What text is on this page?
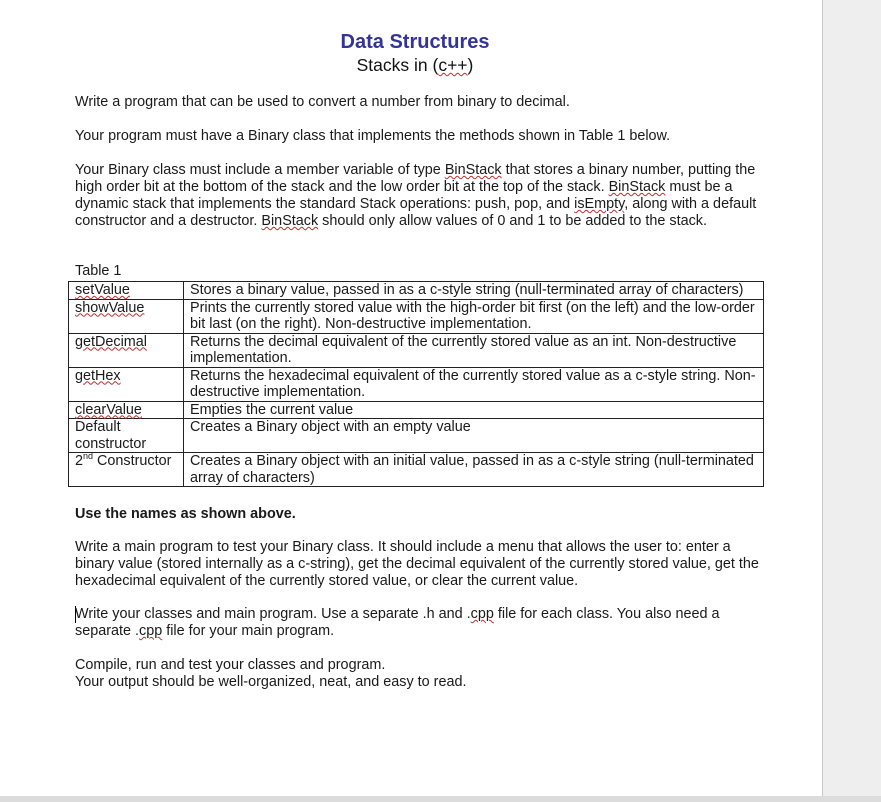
Data Structures
Stacks in (c++)

Write a program that can be used to convert a number from binary to decimal.

Your program must have a Binary class that implements the methods shown in Table 1 below.

Your Binary class must include a member variable of type BinStack that stores a binary number, putting the high order bit at the bottom of the stack and the low order bit at the top of the stack. BinStack must be a dynamic stack that implements the standard Stack operations: push, pop, and isEmpty, along with a default constructor and a destructor. BinStack should only allow values of 0 and 1 to be added to the stack.

Table 1
setValue	Stores a binary value, passed in as a c-style string (null-terminated array of characters)
showValue	Prints the currently stored value with the high-order bit first (on the left) and the low-order bit last (on the right). Non-destructive implementation.
getDecimal	Returns the decimal equivalent of the currently stored value as an int. Non-destructive implementation.
getHex	Returns the hexadecimal equivalent of the currently stored value as a c-style string. Non-destructive implementation.
clearValue	Empties the current value
Default constructor	Creates a Binary object with an empty value
2nd Constructor	Creates a Binary object with an initial value, passed in as a c-style string (null-terminated array of characters)

Use the names as shown above.

Write a main program to test your Binary class. It should include a menu that allows the user to: enter a binary value (stored internally as a c-string), get the decimal equivalent of the currently stored value, get the hexadecimal equivalent of the currently stored value, or clear the current value.

Write your classes and main program. Use a separate .h and .cpp file for each class. You also need a separate .cpp file for your main program.

Compile, run and test your classes and program.

Your output should be well-organized, neat, and easy to read.
